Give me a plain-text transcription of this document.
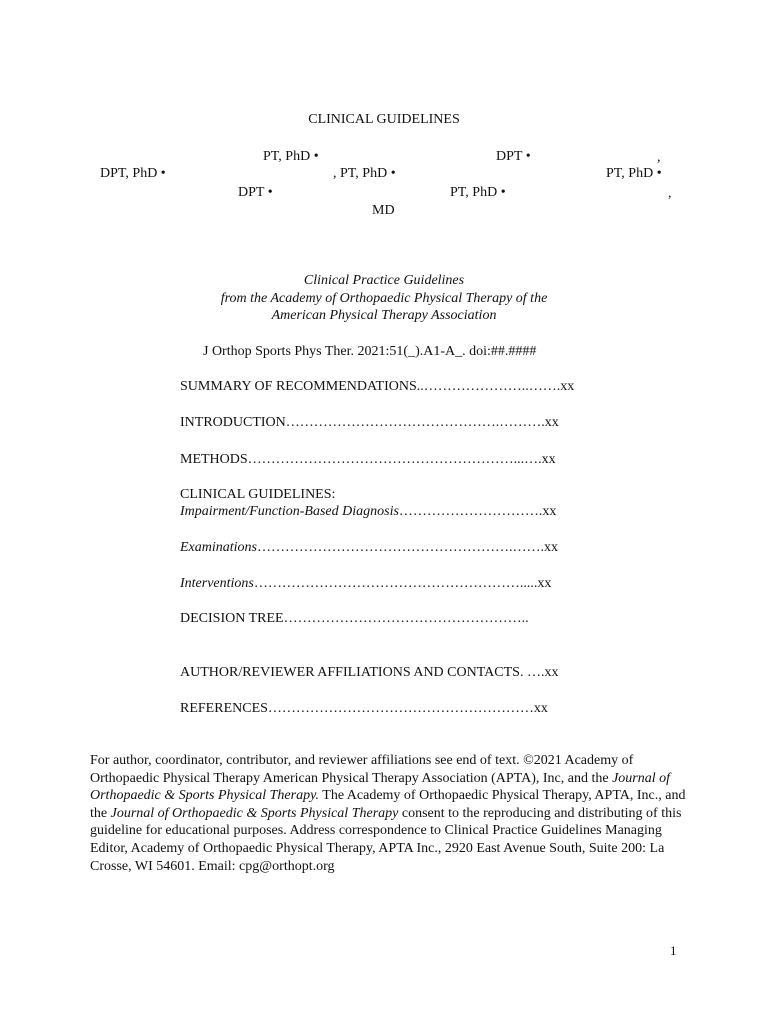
CLINICAL GUIDELINES
PT, PhD •	DPT •	,
DPT, PhD •	, PT, PhD •	PT, PhD •
DPT •	PT, PhD •	,
MD
Clinical Practice Guidelines
from the Academy of Orthopaedic Physical Therapy of the
American Physical Therapy Association
J Orthop Sports Phys Ther. 2021:51(_).A1-A_. doi:##.####
SUMMARY OF RECOMMENDATIONS..…………………..…….xx
INTRODUCTION……………………………………….……….xx
METHODS…………………………………………………...….xx
CLINICAL GUIDELINES:
Impairment/Function-Based Diagnosis………………………….xx
Examinations……………………………………………….…….xx
Interventions………………………………………………….....xx
DECISION TREE……………………………………………..
AUTHOR/REVIEWER AFFILIATIONS AND CONTACTS. ….xx
REFERENCES…………………………………………………xx
For author, coordinator, contributor, and reviewer affiliations see end of text. ©2021 Academy of Orthopaedic Physical Therapy American Physical Therapy Association (APTA), Inc, and the Journal of Orthopaedic & Sports Physical Therapy. The Academy of Orthopaedic Physical Therapy, APTA, Inc., and the Journal of Orthopaedic & Sports Physical Therapy consent to the reproducing and distributing of this guideline for educational purposes. Address correspondence to Clinical Practice Guidelines Managing Editor, Academy of Orthopaedic Physical Therapy, APTA Inc., 2920 East Avenue South, Suite 200: La Crosse, WI 54601. Email: cpg@orthopt.org
1
